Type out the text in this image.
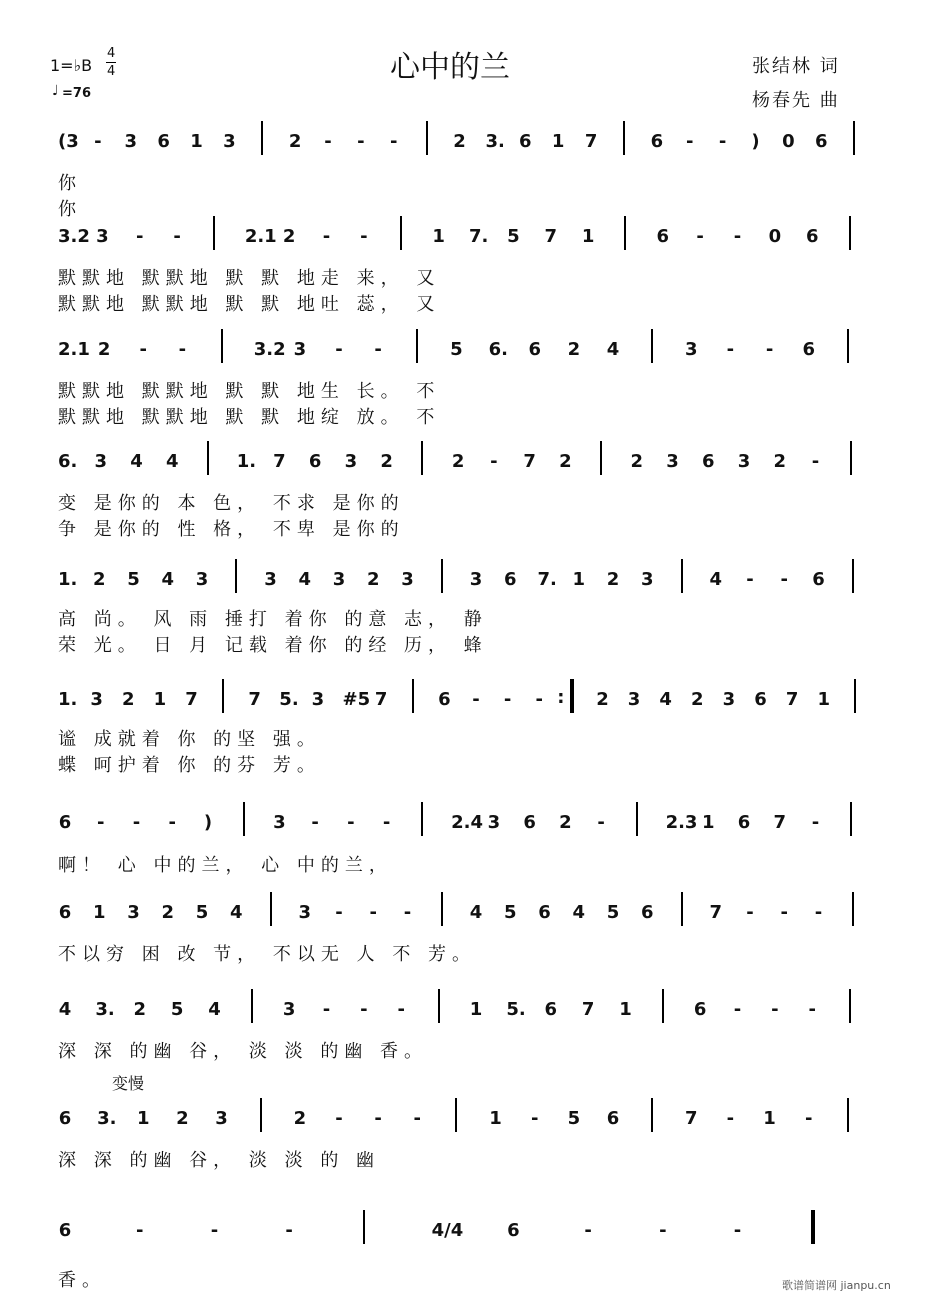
1=♭B
4
4
♩ =76
心中的兰	张结林 词
杨春先 曲
(3 - 3 6 1 3	2 - - -	2 3. 6 1 7	6 - - ) 0 6
你
你
3.2 3 - -	2.1 2 - -	1 7. 5 7 1	6 - - 0 6
默默地 默默地 默 默 地走 来， 又
默默地 默默地 默 默 地吐 蕊， 又
2.1 2 - -	3.2 3 - -	5 6. 6 2 4	3 - - 6
默默地 默默地 默 默 地生 长。 不
默默地 默默地 默 默 地绽 放。 不
6. 3 4 4	1. 7 6 3 2	2 - 7 2	2 3 6 3 2 -
变 是你的 本 色， 不求 是你的
争 是你的 性 格， 不卑 是你的
1. 2 5 4 3	3 4 3 2 3	3 6 7. 1 2 3	4 - - 6
高 尚。 风 雨 捶打 着你 的意 志， 静
荣 光。 日 月 记载 着你 的经 历， 蜂
1. 3 2 1 7	7 5. 3 #5 7	6 - - - : 2 3 4 2 3 6 7 1
谧 成就着 你 的坚 强。
蝶 呵护着 你 的芬 芳。
6 - - - )	3 - - -	2.4 3 6 2 -	2.3 1 6 7 -
啊！ 心 中的兰， 心 中的兰，
6 1 3 2 5 4	3 - - -	4 5 6 4 5 6	7 - - -
不以穷 困 改 节， 不以无 人 不 芳。
4 3. 2 5 4	3 - - -	1 5. 6 7 1	6 - - -
深 深 的幽 谷， 淡 淡 的幽 香。
6 3. 1 2 3	2 - - -	1 - 5 6	7 - 1 -
变慢
深 深 的幽 谷， 淡 淡 的 幽
6	-	-	-	4/4 6	-	-	-
香。	歌谱简谱网 jianpu.cn
